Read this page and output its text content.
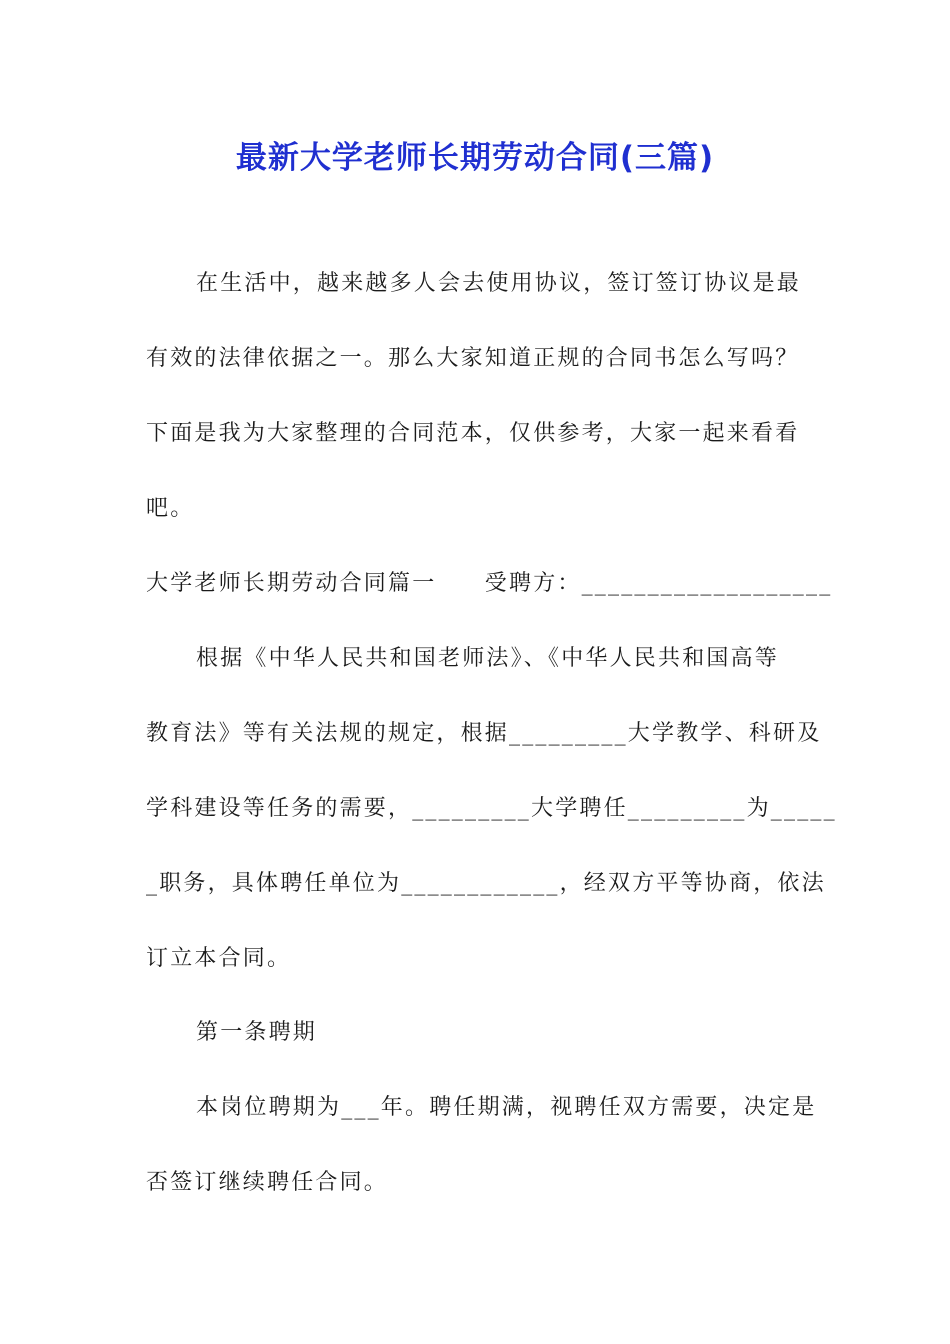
最新大学老师长期劳动合同(三篇)
在生活中，越来越多人会去使用协议，签订签订协议是最
有效的法律依据之一。那么大家知道正规的合同书怎么写吗？
下面是我为大家整理的合同范本，仅供参考，大家一起来看看
吧。
大学老师长期劳动合同篇一　　受聘方：___________________
根据《中华人民共和国老师法》、《中华人民共和国高等
教育法》等有关法规的规定，根据_________大学教学、科研及
学科建设等任务的需要，_________大学聘任_________为_____
_职务，具体聘任单位为____________，经双方平等协商，依法
订立本合同。
第一条聘期
本岗位聘期为___年。聘任期满，视聘任双方需要，决定是
否签订继续聘任合同。
